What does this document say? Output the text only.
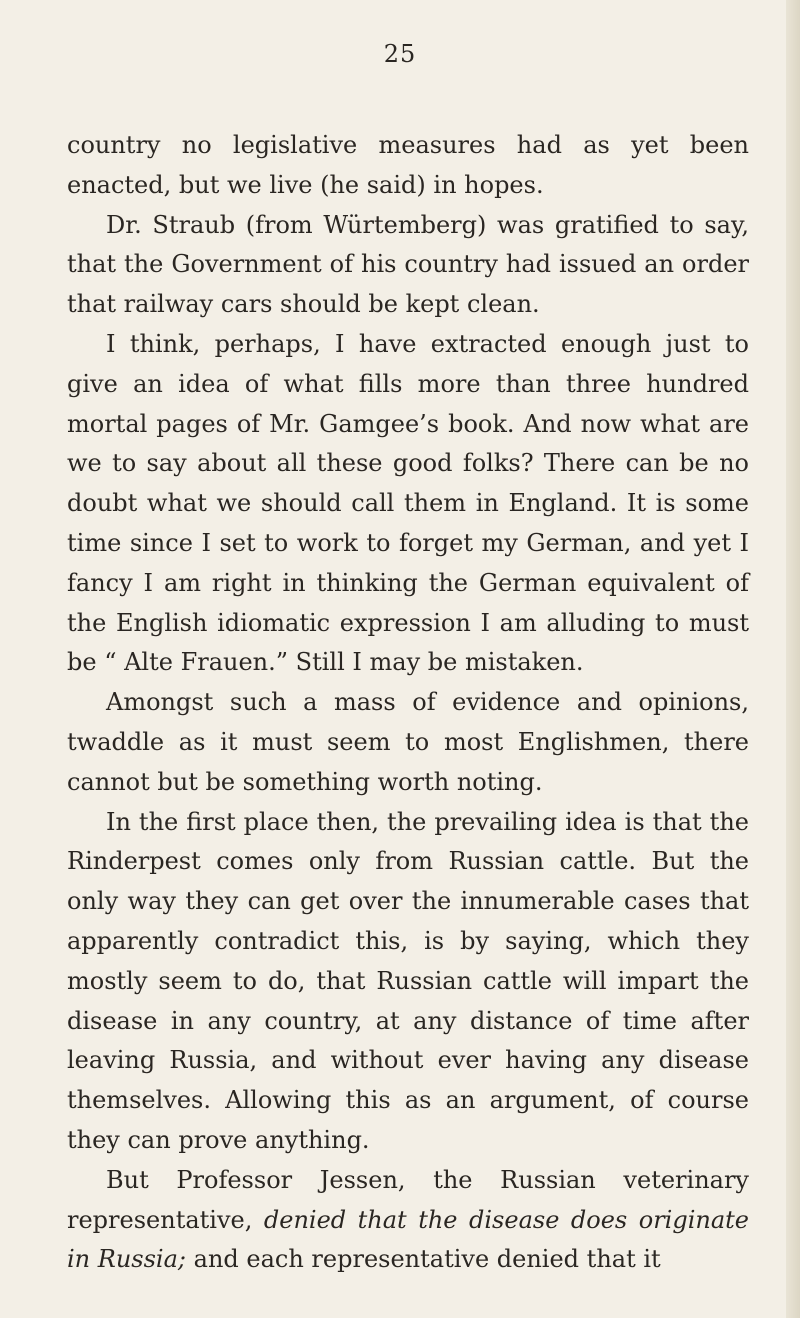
25

country no legislative measures had as yet been enacted, but we live (he said) in hopes.

Dr. Straub (from Würtemberg) was gratified to say, that the Government of his country had issued an order that railway cars should be kept clean.

I think, perhaps, I have extracted enough just to give an idea of what fills more than three hundred mortal pages of Mr. Gamgee’s book. And now what are we to say about all these good folks? There can be no doubt what we should call them in England. It is some time since I set to work to forget my German, and yet I fancy I am right in thinking the German equivalent of the English idiomatic expression I am alluding to must be “ Alte Frauen.” Still I may be mistaken.

Amongst such a mass of evidence and opinions, twaddle as it must seem to most Englishmen, there cannot but be something worth noting.

In the first place then, the prevailing idea is that the Rinderpest comes only from Russian cattle. But the only way they can get over the innumerable cases that apparently contradict this, is by saying, which they mostly seem to do, that Russian cattle will impart the disease in any country, at any distance of time after leaving Russia, and without ever having any disease themselves. Allowing this as an argument, of course they can prove anything.

But Professor Jessen, the Russian veterinary representative, denied that the disease does originate in Russia; and each representative denied that it
